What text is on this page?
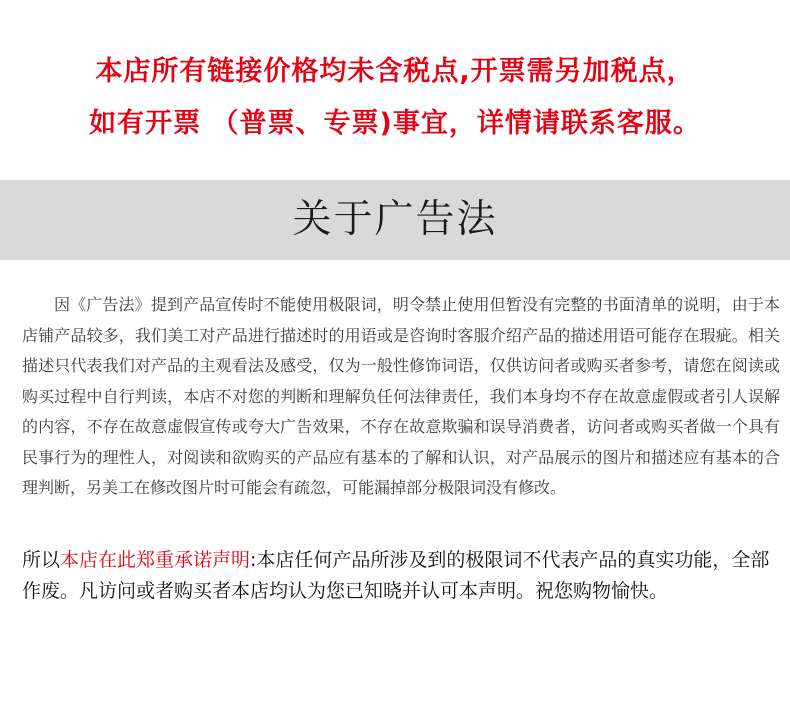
本店所有链接价格均未含税点,开票需另加税点，

如有开票 （普票、专票)事宜，详情请联系客服。

关于广告法

因《广告法》提到产品宣传时不能使用极限词，明令禁止使用但暂没有完整的书面清单的说明，由于本店铺产品较多，我们美工对产品进行描述时的用语或是咨询时客服介绍产品的描述用语可能存在瑕疵。相关描述只代表我们对产品的主观看法及感受，仅为一般性修饰词语，仅供访问者或购买者参考，请您在阅读或购买过程中自行判读，本店不对您的判断和理解负任何法律责任，我们本身均不存在故意虚假或者引人误解的内容，不存在故意虚假宣传或夸大广告效果，不存在故意欺骗和误导消费者，访问者或购买者做一个具有民事行为的理性人，对阅读和欲购买的产品应有基本的了解和认识，对产品展示的图片和描述应有基本的合理判断，另美工在修改图片时可能会有疏忽，可能漏掉部分极限词没有修改。

所以本店在此郑重承诺声明:本店任何产品所涉及到的极限词不代表产品的真实功能，全部作废。凡访问或者购买者本店均认为您已知晓并认可本声明。祝您购物愉快。
